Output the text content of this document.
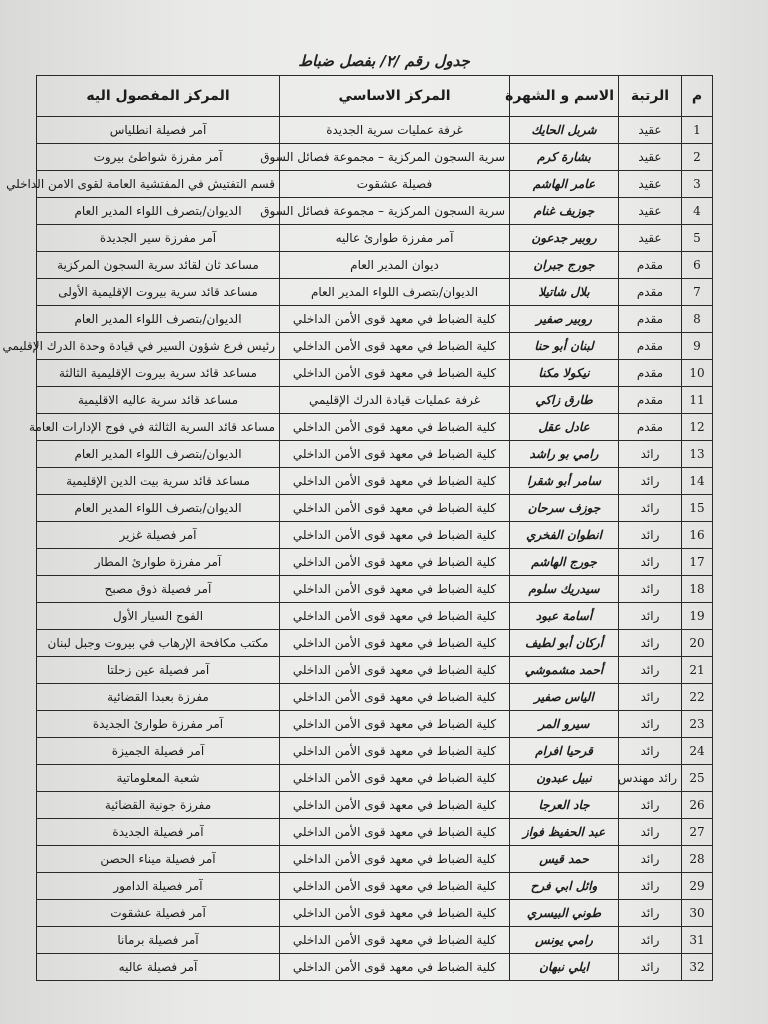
جدول رقم /٢/ بفصل ضباط
م	الرتبة	الاسم و الشهرة	المركز الاساسي	المركز المفصول اليه
1	عقيد	شربل الحايك	غرفة عمليات سرية الجديدة	آمر فصيلة انطلياس
2	عقيد	بشارة كرم	سرية السجون المركزية – مجموعة فصائل السوق	آمر مفرزة شواطئ بيروت
3	عقيد	عامر الهاشم	فصيلة عشقوت	قسم التفتيش في المفتشية العامة لقوى الامن الداخلي
4	عقيد	جوزيف غنام	سرية السجون المركزية – مجموعة فصائل السوق	الديوان/بتصرف اللواء المدير العام
5	عقيد	روبير جدعون	آمر مفرزة طوارئ عاليه	آمر مفرزة سير الجديدة
6	مقدم	جورج جبران	ديوان المدير العام	مساعد ثان لقائد سرية السجون المركزية
7	مقدم	بلال شاتيلا	الديوان/بتصرف اللواء المدير العام	مساعد قائد سرية بيروت الإقليمية الأولى
8	مقدم	روبير صفير	كلية الضباط في معهد قوى الأمن الداخلي	الديوان/بتصرف اللواء المدير العام
9	مقدم	لبنان أبو حنا	كلية الضباط في معهد قوى الأمن الداخلي	رئيس فرع شؤون السير في قيادة وحدة الدرك الإقليمي
10	مقدم	نيكولا مكنا	كلية الضباط في معهد قوى الأمن الداخلي	مساعد قائد سرية بيروت الإقليمية الثالثة
11	مقدم	طارق زاكي	غرفة عمليات قيادة الدرك الإقليمي	مساعد قائد سرية عاليه الاقليمية
12	مقدم	عادل عقل	كلية الضباط في معهد قوى الأمن الداخلي	مساعد قائد السرية الثالثة في فوج الإدارات العامة
13	رائد	رامي بو راشد	كلية الضباط في معهد قوى الأمن الداخلي	الديوان/بتصرف اللواء المدير العام
14	رائد	سامر أبو شقرا	كلية الضباط في معهد قوى الأمن الداخلي	مساعد قائد سرية بيت الدين الإقليمية
15	رائد	جوزف سرحان	كلية الضباط في معهد قوى الأمن الداخلي	الديوان/بتصرف اللواء المدير العام
16	رائد	انطوان الفخري	كلية الضباط في معهد قوى الأمن الداخلي	آمر فصيلة غزير
17	رائد	جورج الهاشم	كلية الضباط في معهد قوى الأمن الداخلي	آمر مفرزة طوارئ المطار
18	رائد	سيدريك سلوم	كلية الضباط في معهد قوى الأمن الداخلي	آمر فصيلة ذوق مصبح
19	رائد	أسامة عبود	كلية الضباط في معهد قوى الأمن الداخلي	الفوج السيار الأول
20	رائد	أركان أبو لطيف	كلية الضباط في معهد قوى الأمن الداخلي	مكتب مكافحة الإرهاب في بيروت وجبل لبنان
21	رائد	أحمد مشموشي	كلية الضباط في معهد قوى الأمن الداخلي	آمر فصيلة عين زحلتا
22	رائد	الياس صفير	كلية الضباط في معهد قوى الأمن الداخلي	مفرزة بعبدا القضائية
23	رائد	سيرو المر	كلية الضباط في معهد قوى الأمن الداخلي	آمر مفرزة طوارئ الجديدة
24	رائد	قرحيا افرام	كلية الضباط في معهد قوى الأمن الداخلي	آمر فصيلة الجميزة
25	رائد مهندس	نبيل عبدون	كلية الضباط في معهد قوى الأمن الداخلي	شعبة المعلوماتية
26	رائد	جاد العرجا	كلية الضباط في معهد قوى الأمن الداخلي	مفرزة جونية القضائية
27	رائد	عبد الحفيظ فواز	كلية الضباط في معهد قوى الأمن الداخلي	آمر فصيلة الجديدة
28	رائد	حمد قيس	كلية الضباط في معهد قوى الأمن الداخلي	آمر فصيلة ميناء الحصن
29	رائد	وائل ابي فرح	كلية الضباط في معهد قوى الأمن الداخلي	آمر فصيلة الدامور
30	رائد	طوني البيسري	كلية الضباط في معهد قوى الأمن الداخلي	آمر فصيلة عشقوت
31	رائد	رامي يونس	كلية الضباط في معهد قوى الأمن الداخلي	آمر فصيلة برمانا
32	رائد	ايلي نبهان	كلية الضباط في معهد قوى الأمن الداخلي	آمر فصيلة عاليه
